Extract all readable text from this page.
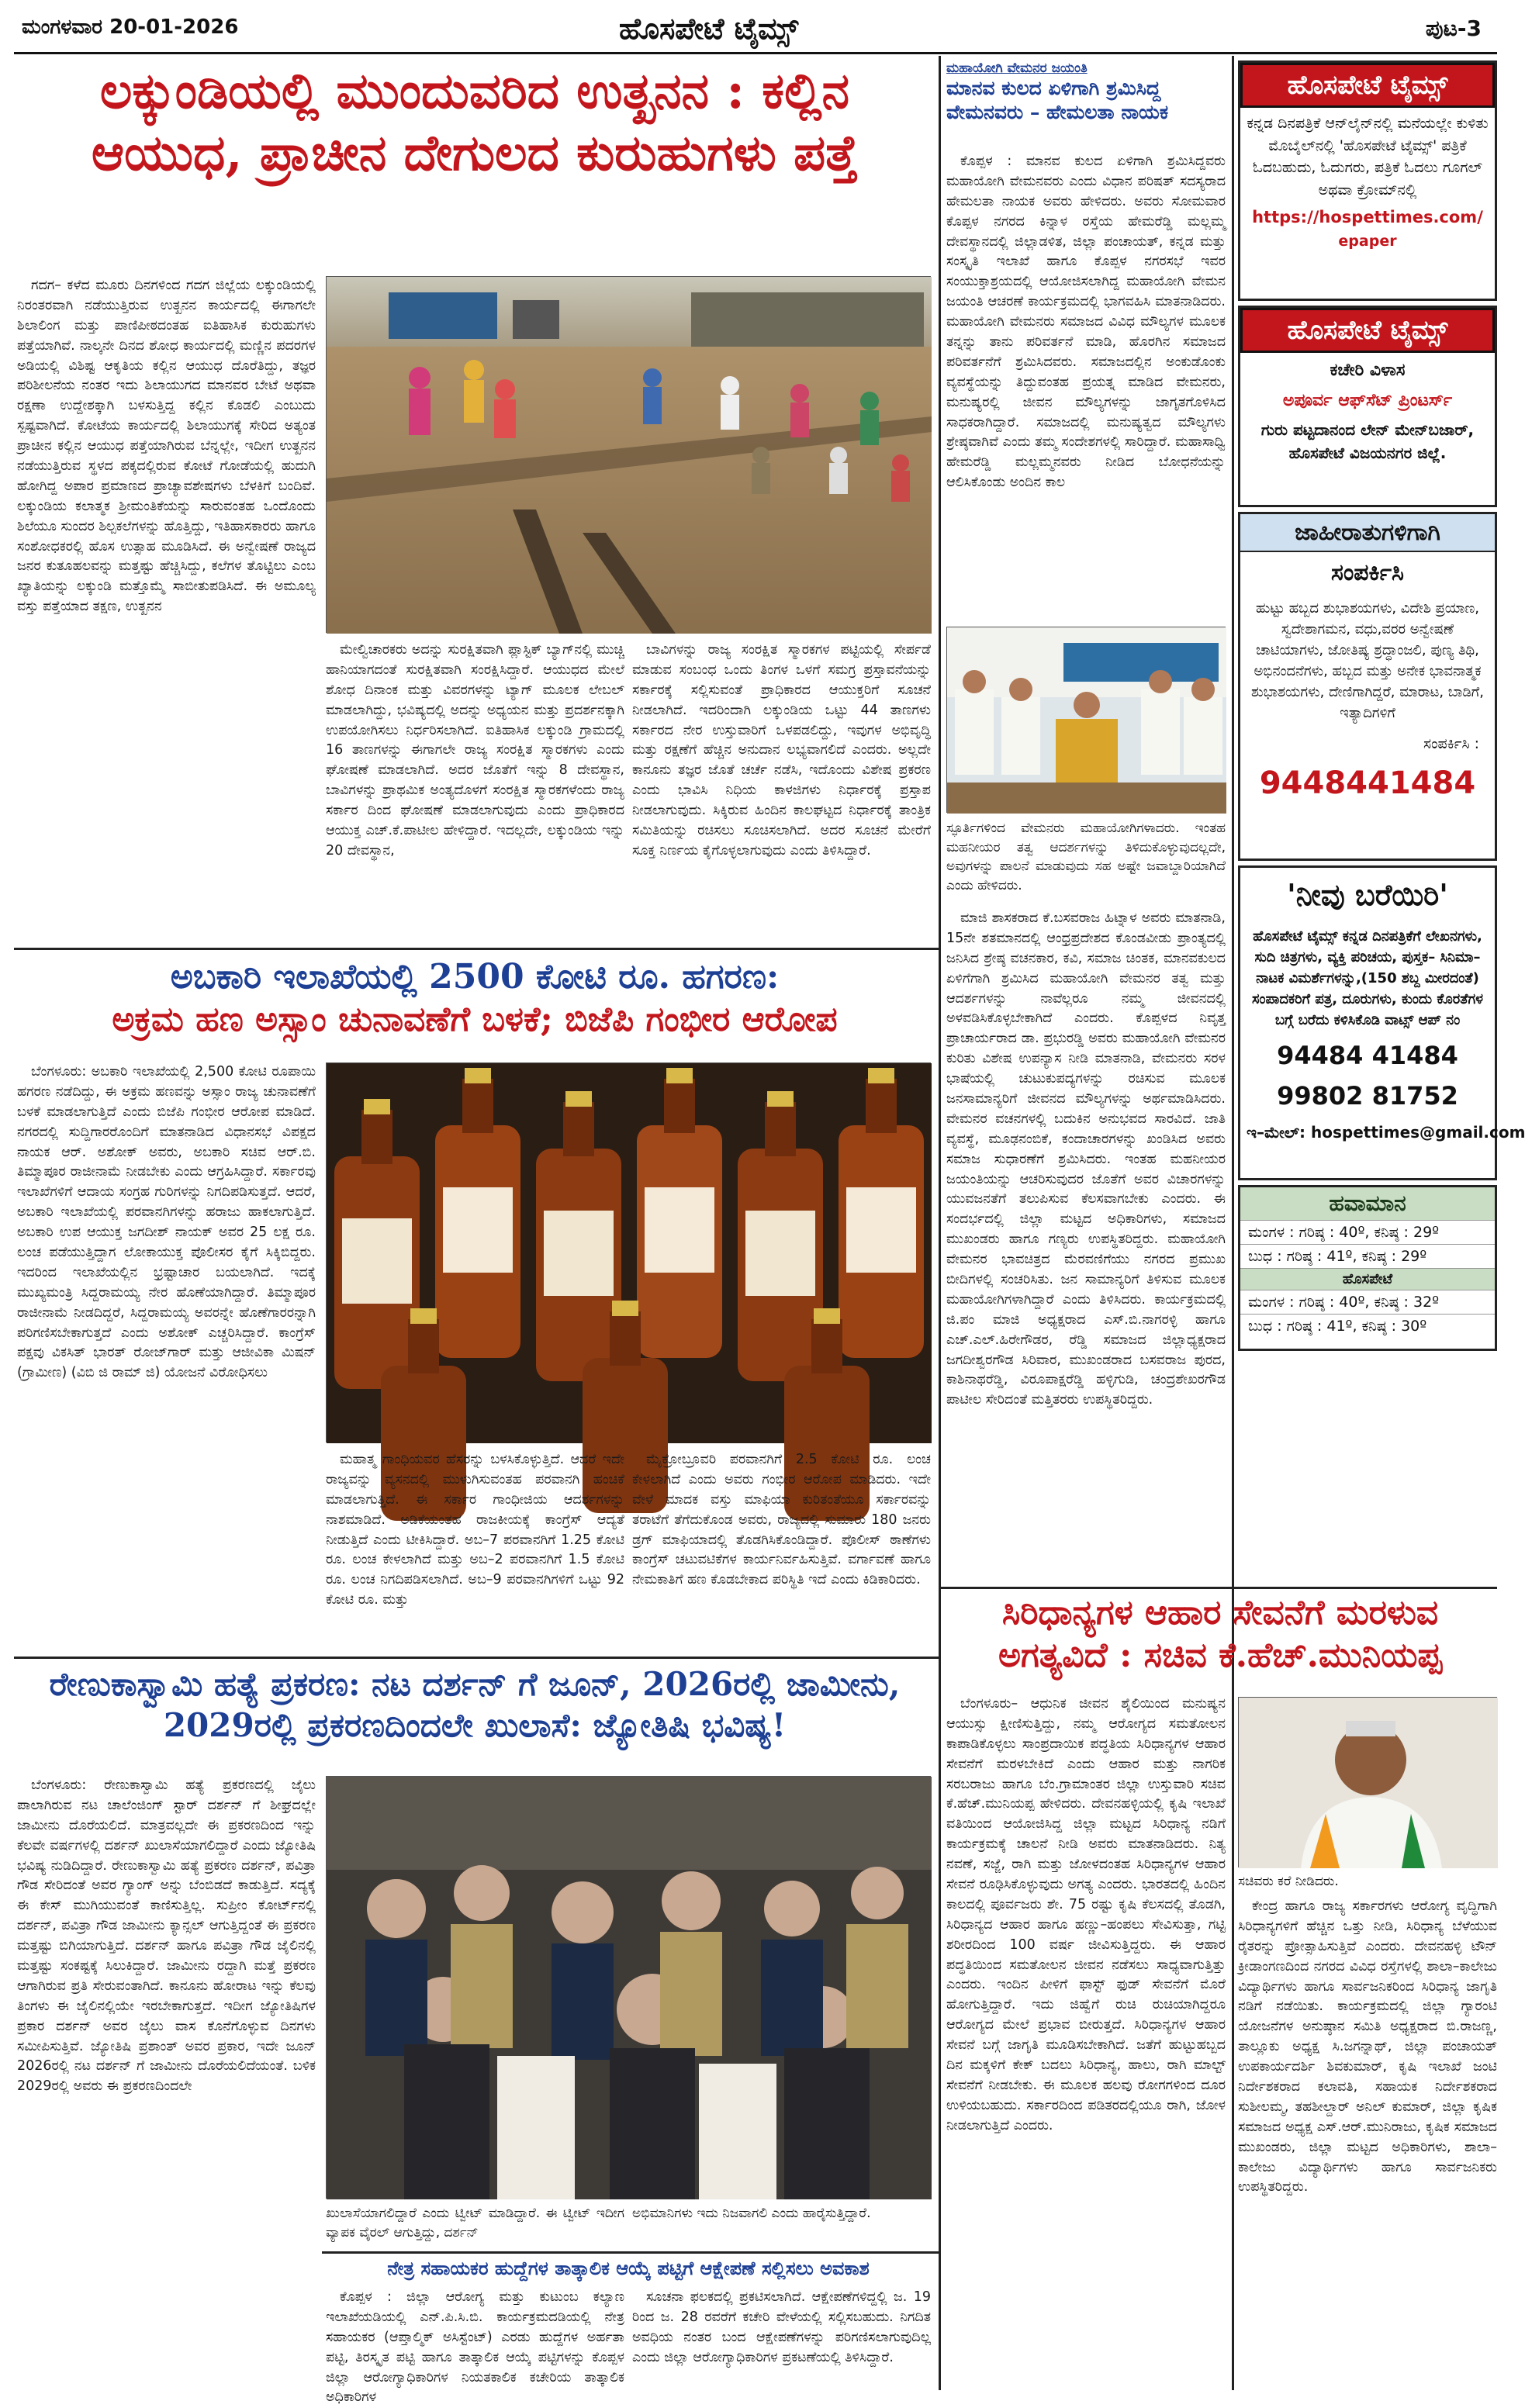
ಮಂಗಳವಾರ 20-01-2026	ಹೊಸಪೇಟೆ ಟೈಮ್ಸ್	ಪುಟ-3
ಲಕ್ಕುಂಡಿಯಲ್ಲಿ ಮುಂದುವರಿದ ಉತ್ಖನನ : ಕಲ್ಲಿನ
ಆಯುಧ, ಪ್ರಾಚೀನ ದೇಗುಲದ ಕುರುಹುಗಳು ಪತ್ತೆ

ಗದಗ– ಕಳೆದ ಮೂರು ದಿನಗಳಿಂದ ಗದಗ ಜಿಲ್ಲೆಯ ಲಕ್ಕುಂಡಿಯಲ್ಲಿ ನಿರಂತರವಾಗಿ ನಡೆಯುತ್ತಿರುವ ಉತ್ಖನನ ಕಾರ್ಯದಲ್ಲಿ ಈಗಾಗಲೇ ಶಿಲಾಲಿಂಗ ಮತ್ತು ಪಾಣಿಪೀಠದಂತಹ ಐತಿಹಾಸಿಕ ಕುರುಹುಗಳು ಪತ್ತೆಯಾಗಿವೆ. ನಾಲ್ಕನೇ ದಿನದ ಶೋಧ ಕಾರ್ಯದಲ್ಲಿ ಮಣ್ಣಿನ ಪದರಗಳ ಅಡಿಯಲ್ಲಿ ವಿಶಿಷ್ಟ ಆಕೃತಿಯ ಕಲ್ಲಿನ ಆಯುಧ ದೊರೆತಿದ್ದು, ತಜ್ಞರ ಪರಿಶೀಲನೆಯ ನಂತರ ಇದು ಶಿಲಾಯುಗದ ಮಾನವರ ಬೇಟೆ ಅಥವಾ ರಕ್ಷಣಾ ಉದ್ದೇಶಕ್ಕಾಗಿ ಬಳಸುತ್ತಿದ್ದ ಕಲ್ಲಿನ ಕೊಡಲಿ ಎಂಬುದು ಸ್ಪಷ್ಟವಾಗಿದೆ. ಕೋಟೆಯ ಕಾರ್ಯದಲ್ಲಿ ಶಿಲಾಯುಗಕ್ಕೆ ಸೇರಿದ ಅತ್ಯಂತ ಪ್ರಾಚೀನ ಕಲ್ಲಿನ ಆಯುಧ ಪತ್ತೆಯಾಗಿರುವ ಬೆನ್ನಲ್ಲೇ, ಇದೀಗ ಉತ್ಖನನ ನಡೆಯುತ್ತಿರುವ ಸ್ಥಳದ ಪಕ್ಕದಲ್ಲಿರುವ ಕೋಟೆ ಗೋಡೆಯಲ್ಲಿ ಹುದುಗಿ ಹೋಗಿದ್ದ ಅಪಾರ ಪ್ರಮಾಣದ ಪ್ರಾಚ್ಯಾವಶೇಷಗಳು ಬೆಳಕಿಗೆ ಬಂದಿವೆ. ಲಕ್ಕುಂಡಿಯ ಕಲಾತ್ಮಕ ಶ್ರೀಮಂತಿಕೆಯನ್ನು ಸಾರುವಂತಹ ಒಂದೊಂದು ಶಿಲೆಯೂ ಸುಂದರ ಶಿಲ್ಪಕಲೆಗಳನ್ನು ಹೊತ್ತಿದ್ದು, ಇತಿಹಾಸಕಾರರು ಹಾಗೂ ಸಂಶೋಧಕರಲ್ಲಿ ಹೊಸ ಉತ್ಸಾಹ ಮೂಡಿಸಿದೆ. ಈ ಅನ್ವೇಷಣೆ ರಾಜ್ಯದ ಜನರ ಕುತೂಹಲವನ್ನು ಮತ್ತಷ್ಟು ಹೆಚ್ಚಿಸಿದ್ದು, ಕಲೆಗಳ ತೊಟ್ಟಿಲು ಎಂಬ ಖ್ಯಾತಿಯನ್ನು ಲಕ್ಕುಂಡಿ ಮತ್ತೊಮ್ಮೆ ಸಾಬೀತುಪಡಿಸಿದೆ. ಈ ಅಮೂಲ್ಯ ವಸ್ತು ಪತ್ತೆಯಾದ ತಕ್ಷಣ, ಉತ್ಖನನ

ಮೇಲ್ವಿಚಾರಕರು ಅದನ್ನು ಸುರಕ್ಷಿತವಾಗಿ ಪ್ಲಾಸ್ಟಿಕ್ ಬ್ಯಾಗ್‌ನಲ್ಲಿ ಮುಚ್ಚಿ ಹಾನಿಯಾಗದಂತೆ ಸುರಕ್ಷಿತವಾಗಿ ಸಂರಕ್ಷಿಸಿದ್ದಾರೆ. ಆಯುಧದ ಮೇಲೆ ಶೋಧ ದಿನಾಂಕ ಮತ್ತು ವಿವರಗಳನ್ನು ಟ್ಯಾಗ್ ಮೂಲಕ ಲೇಬಲ್ ಮಾಡಲಾಗಿದ್ದು, ಭವಿಷ್ಯದಲ್ಲಿ ಅದನ್ನು ಅಧ್ಯಯನ ಮತ್ತು ಪ್ರದರ್ಶನಕ್ಕಾಗಿ ಉಪಯೋಗಿಸಲು ನಿರ್ಧರಿಸಲಾಗಿದೆ. ಐತಿಹಾಸಿಕ ಲಕ್ಕುಂಡಿ ಗ್ರಾಮದಲ್ಲಿ 16 ತಾಣಗಳನ್ನು ಈಗಾಗಲೇ ರಾಜ್ಯ ಸಂರಕ್ಷಿತ ಸ್ಮಾರಕಗಳು ಎಂದು ಘೋಷಣೆ ಮಾಡಲಾಗಿದೆ. ಅದರ ಜೊತೆಗೆ ಇನ್ನು 8 ದೇವಸ್ಥಾನ, ಬಾವಿಗಳನ್ನು ಪ್ರಾಥಮಿಕ ಅಂತ್ಯದೊಳಗೆ ಸಂರಕ್ಷಿತ ಸ್ಮಾರಕಗಳೆಂದು ರಾಜ್ಯ ಸರ್ಕಾರ ದಿಂದ ಘೋಷಣೆ ಮಾಡಲಾಗುವುದು ಎಂದು ಪ್ರಾಧಿಕಾರದ ಆಯುಕ್ತ ಎಚ್.ಕೆ.ಪಾಟೀಲ ಹೇಳಿದ್ದಾರೆ. ಇದಲ್ಲದೇ, ಲಕ್ಕುಂಡಿಯ ಇನ್ನು 20 ದೇವಸ್ಥಾನ,

ಬಾವಿಗಳನ್ನು ರಾಜ್ಯ ಸಂರಕ್ಷಿತ ಸ್ಮಾರಕಗಳ ಪಟ್ಟಿಯಲ್ಲಿ ಸೇರ್ಪಡೆ ಮಾಡುವ ಸಂಬಂಧ ಒಂದು ತಿಂಗಳ ಒಳಗೆ ಸಮಗ್ರ ಪ್ರಸ್ತಾವನೆಯನ್ನು ಸರ್ಕಾರಕ್ಕೆ ಸಲ್ಲಿಸುವಂತೆ ಪ್ರಾಧಿಕಾರದ ಆಯುಕ್ತರಿಗೆ ಸೂಚನೆ ನೀಡಲಾಗಿದೆ. ಇದರಿಂದಾಗಿ ಲಕ್ಕುಂಡಿಯ ಒಟ್ಟು 44 ತಾಣಗಳು ಸರ್ಕಾರದ ನೇರ ಉಸ್ತುವಾರಿಗೆ ಒಳಪಡಲಿದ್ದು, ಇವುಗಳ ಅಭಿವೃದ್ಧಿ ಮತ್ತು ರಕ್ಷಣೆಗೆ ಹೆಚ್ಚಿನ ಅನುದಾನ ಲಭ್ಯವಾಗಲಿದೆ ಎಂದರು. ಅಲ್ಲದೇ ಕಾನೂನು ತಜ್ಞರ ಜೊತೆ ಚರ್ಚೆ ನಡೆಸಿ, ಇದೊಂದು ವಿಶೇಷ ಪ್ರಕರಣ ಎಂದು ಭಾವಿಸಿ ನಿಧಿಯ ಕಾಳಜಿಗಳು ನಿರ್ಧಾರಕ್ಕೆ ಪ್ರಸ್ತಾಪ ನೀಡಲಾಗುವುದು. ಸಿಕ್ಕಿರುವ ಹಿಂದಿನ ಕಾಲಘಟ್ಟದ ನಿರ್ಧಾರಕ್ಕೆ ತಾಂತ್ರಿಕ ಸಮಿತಿಯನ್ನು ರಚಿಸಲು ಸೂಚಿಸಲಾಗಿದೆ. ಅದರ ಸೂಚನೆ ಮೇರೆಗೆ ಸೂಕ್ತ ನಿರ್ಣಯ ಕೈಗೊಳ್ಳಲಾಗುವುದು ಎಂದು ತಿಳಿಸಿದ್ದಾರೆ.

ಅಬಕಾರಿ ಇಲಾಖೆಯಲ್ಲಿ 2500 ಕೋಟಿ ರೂ. ಹಗರಣ:
ಅಕ್ರಮ ಹಣ ಅಸ್ಸಾಂ ಚುನಾವಣೆಗೆ ಬಳಕೆ; ಬಿಜೆಪಿ ಗಂಭೀರ ಆರೋಪ

ಬೆಂಗಳೂರು: ಅಬಕಾರಿ ಇಲಾಖೆಯಲ್ಲಿ 2,500 ಕೋಟಿ ರೂಪಾಯಿ ಹಗರಣ ನಡೆದಿದ್ದು, ಈ ಅಕ್ರಮ ಹಣವನ್ನು ಅಸ್ಸಾಂ ರಾಜ್ಯ ಚುನಾವಣೆಗೆ ಬಳಕೆ ಮಾಡಲಾಗುತ್ತಿದೆ ಎಂದು ಬಿಜೆಪಿ ಗಂಭೀರ ಆರೋಪ ಮಾಡಿದೆ. ನಗರದಲ್ಲಿ ಸುದ್ದಿಗಾರರೊಂದಿಗೆ ಮಾತನಾಡಿದ ವಿಧಾನಸಭೆ ವಿಪಕ್ಷದ ನಾಯಕ ಆರ್. ಅಶೋಕ್ ಅವರು, ಅಬಕಾರಿ ಸಚಿವ ಆರ್.ಬಿ. ತಿಮ್ಮಾಪೂರ ರಾಜೀನಾಮೆ ನೀಡಬೇಕು ಎಂದು ಆಗ್ರಹಿಸಿದ್ದಾರೆ. ಸರ್ಕಾರವು ಇಲಾಖೆಗಳಿಗೆ ಆದಾಯ ಸಂಗ್ರಹ ಗುರಿಗಳನ್ನು ನಿಗದಿಪಡಿಸುತ್ತದೆ. ಆದರೆ, ಅಬಕಾರಿ ಇಲಾಖೆಯಲ್ಲಿ ಪರವಾನಗಿಗಳನ್ನು ಹರಾಜು ಹಾಕಲಾಗುತ್ತಿದೆ. ಅಬಕಾರಿ ಉಪ ಆಯುಕ್ತ ಜಗದೀಶ್ ನಾಯಕ್ ಅವರ 25 ಲಕ್ಷ ರೂ. ಲಂಚ ಪಡೆಯುತ್ತಿದ್ದಾಗ ಲೋಕಾಯುಕ್ತ ಪೊಲೀಸರ ಕೈಗೆ ಸಿಕ್ಕಿಬಿದ್ದರು. ಇದರಿಂದ ಇಲಾಖೆಯಲ್ಲಿನ ಭ್ರಷ್ಟಾಚಾರ ಬಯಲಾಗಿದೆ. ಇದಕ್ಕೆ ಮುಖ್ಯಮಂತ್ರಿ ಸಿದ್ದರಾಮಯ್ಯ ನೇರ ಹೊಣೆಯಾಗಿದ್ದಾರೆ. ತಿಮ್ಮಾಪೂರ ರಾಜೀನಾಮೆ ನೀಡದಿದ್ದರೆ, ಸಿದ್ದರಾಮಯ್ಯ ಅವರನ್ನೇ ಹೊಣೆಗಾರರನ್ನಾಗಿ ಪರಿಗಣಿಸಬೇಕಾಗುತ್ತದೆ ಎಂದು ಅಶೋಕ್ ಎಚ್ಚರಿಸಿದ್ದಾರೆ. ಕಾಂಗ್ರೆಸ್ ಪಕ್ಷವು ವಿಕಸಿತ್ ಭಾರತ್ ರೋಜ್‌ಗಾರ್ ಮತ್ತು ಆಜೀವಿಕಾ ಮಿಷನ್ (ಗ್ರಾಮೀಣ) (ವಿಬಿ ಜಿ ರಾಮ್ ಜಿ) ಯೋಜನೆ ವಿರೋಧಿಸಲು

ಮಹಾತ್ಮ ಗಾಂಧಿಯವರ ಹೆಸರನ್ನು ಬಳಸಿಕೊಳ್ಳುತ್ತಿದೆ. ಆದರೆ ಇದೇ ರಾಜ್ಯವನ್ನು ವ್ಯಸನದಲ್ಲಿ ಮುಳುಗಿಸುವಂತಹ ಪರವಾನಗಿ ಹಂಚಿಕೆ ಮಾಡಲಾಗುತ್ತಿದೆ. ಈ ಸರ್ಕಾರ ಗಾಂಧೀಜಿಯ ಆದರ್ಶಗಳನ್ನು ನಾಶಮಾಡಿದೆ. ಅಡಿಕೆಯಂತಹ ರಾಜಕೀಯಕ್ಕೆ ಕಾಂಗ್ರೆಸ್ ಆದ್ಯತೆ ನೀಡುತ್ತಿದೆ ಎಂದು ಟೀಕಿಸಿದ್ದಾರೆ. ಅಬ–7 ಪರವಾನಗಿಗೆ 1.25 ಕೋಟಿ ರೂ. ಲಂಚ ಕೇಳಲಾಗಿದೆ ಮತ್ತು ಅಬ–2 ಪರವಾನಗಿಗೆ 1.5 ಕೋಟಿ ರೂ. ಲಂಚ ನಿಗದಿಪಡಿಸಲಾಗಿದೆ. ಅಬ–9 ಪರವಾನಗಿಗಳಿಗೆ ಒಟ್ಟು 92 ಕೋಟಿ ರೂ. ಮತ್ತು

ಮೈಕ್ರೋಬ್ರೂವರಿ ಪರವಾನಗಿಗೆ 2.5 ಕೋಟಿ ರೂ. ಲಂಚ ಕೇಳಲಾಗಿದೆ ಎಂದು ಅವರು ಗಂಭೀರ ಆರೋಪ ಮಾಡಿದರು. ಇದೇ ವೇಳೆ ಮಾದಕ ವಸ್ತು ಮಾಫಿಯಾ ಕುರಿತಂತೆಯೂ ಸರ್ಕಾರವನ್ನು ತರಾಟೆಗೆ ತೆಗೆದುಕೊಂಡ ಅವರು, ರಾಜ್ಯದಲ್ಲಿ ಸುಮಾರು 180 ಜನರು ಡ್ರಗ್ ಮಾಫಿಯಾದಲ್ಲಿ ತೊಡಗಿಸಿಕೊಂಡಿದ್ದಾರೆ. ಪೊಲೀಸ್ ಠಾಣೆಗಳು ಕಾಂಗ್ರೆಸ್ ಚಟುವಟಿಕೆಗಳ ಕಾರ್ಯನಿರ್ವಹಿಸುತ್ತಿವೆ. ವರ್ಗಾವಣೆ ಹಾಗೂ ನೇಮಕಾತಿಗೆ ಹಣ ಕೊಡಬೇಕಾದ ಪರಿಸ್ಥಿತಿ ಇದೆ ಎಂದು ಕಿಡಿಕಾರಿದರು.

ರೇಣುಕಾಸ್ವಾಮಿ ಹತ್ಯೆ ಪ್ರಕರಣ: ನಟ ದರ್ಶನ್ ಗೆ ಜೂನ್, 2026ರಲ್ಲಿ ಜಾಮೀನು,
2029ರಲ್ಲಿ ಪ್ರಕರಣದಿಂದಲೇ ಖುಲಾಸೆ: ಜ್ಯೋತಿಷಿ ಭವಿಷ್ಯ!

ಬೆಂಗಳೂರು: ರೇಣುಕಾಸ್ವಾಮಿ ಹತ್ಯೆ ಪ್ರಕರಣದಲ್ಲಿ ಜೈಲು ಪಾಲಾಗಿರುವ ನಟ ಚಾಲೆಂಜಿಂಗ್ ಸ್ಟಾರ್ ದರ್ಶನ್ ಗೆ ಶೀಘ್ರದಲ್ಲೇ ಜಾಮೀನು ದೊರೆಯಲಿದೆ. ಮಾತ್ರವಲ್ಲದೇ ಈ ಪ್ರಕರಣದಿಂದ ಇನ್ನು ಕೆಲವೇ ವರ್ಷಗಳಲ್ಲಿ ದರ್ಶನ್ ಖುಲಾಸೆಯಾಗಲಿದ್ದಾರೆ ಎಂದು ಜ್ಯೋತಿಷಿ ಭವಿಷ್ಯ ನುಡಿದಿದ್ದಾರೆ. ರೇಣುಕಾಸ್ವಾಮಿ ಹತ್ಯೆ ಪ್ರಕರಣ ದರ್ಶನ್, ಪವಿತ್ರಾ ಗೌಡ ಸೇರಿದಂತೆ ಅವರ ಗ್ಯಾಂಗ್ ಅನ್ನು ಬೆಂಬಿಡದೆ ಕಾಡುತ್ತಿದೆ. ಸದ್ಯಕ್ಕೆ ಈ ಕೇಸ್ ಮುಗಿಯುವಂತೆ ಕಾಣಿಸುತ್ತಿಲ್ಲ. ಸುಪ್ರೀಂ ಕೋರ್ಟ್‌ನಲ್ಲಿ ದರ್ಶನ್, ಪವಿತ್ರಾ ಗೌಡ ಜಾಮೀನು ಕ್ಯಾನ್ಸಲ್ ಆಗುತ್ತಿದ್ದಂತೆ ಈ ಪ್ರಕರಣ ಮತ್ತಷ್ಟು ಬಿಗಿಯಾಗುತ್ತಿದೆ. ದರ್ಶನ್ ಹಾಗೂ ಪವಿತ್ರಾ ಗೌಡ ಜೈಲಿನಲ್ಲಿ ಮತ್ತಷ್ಟು ಸಂಕಷ್ಟಕ್ಕೆ ಸಿಲುಕಿದ್ದಾರೆ. ಜಾಮೀನು ರದ್ದಾಗಿ ಮತ್ತೆ ಪ್ರಕರಣ ಆಗಾಗಿರುವ ಪ್ರತಿ ಸೇರುವಂತಾಗಿದೆ. ಕಾನೂನು ಹೋರಾಟ ಇನ್ನು ಕೆಲವು ತಿಂಗಳು ಈ ಜೈಲಿನಲ್ಲಿಯೇ ಇರಬೇಕಾಗುತ್ತದೆ. ಇದೀಗ ಜ್ಯೋತಿಷಿಗಳ ಪ್ರಕಾರ ದರ್ಶನ್ ಅವರ ಜೈಲು ವಾಸ ಕೊನೆಗೊಳ್ಳುವ ದಿನಗಳು ಸಮೀಪಿಸುತ್ತಿವೆ. ಜ್ಯೋತಿಷಿ ಪ್ರಶಾಂತ್ ಅವರ ಪ್ರಕಾರ, ಇದೇ ಜೂನ್ 2026ರಲ್ಲಿ ನಟ ದರ್ಶನ್ ಗೆ ಜಾಮೀನು ದೊರೆಯಲಿದೆಯಂತೆ. ಬಳಿಕ 2029ರಲ್ಲಿ ಅವರು ಈ ಪ್ರಕರಣದಿಂದಲೇ

ಖುಲಾಸೆಯಾಗಲಿದ್ದಾರೆ ಎಂದು ಟ್ವೀಟ್ ಮಾಡಿದ್ದಾರೆ. ಈ ಟ್ವೀಟ್ ಇದೀಗ ವ್ಯಾಪಕ ವೈರಲ್ ಆಗುತ್ತಿದ್ದು, ದರ್ಶನ್
ಅಭಿಮಾನಿಗಳು ಇದು ನಿಜವಾಗಲಿ ಎಂದು ಹಾರೈಸುತ್ತಿದ್ದಾರೆ.
ನೇತ್ರ ಸಹಾಯಕರ ಹುದ್ದೆಗಳ ತಾತ್ಕಾಲಿಕ ಆಯ್ಕೆ ಪಟ್ಟಿಗೆ ಆಕ್ಷೇಪಣೆ ಸಲ್ಲಿಸಲು ಅವಕಾಶ

ಕೊಪ್ಪಳ : ಜಿಲ್ಲಾ ಆರೋಗ್ಯ ಮತ್ತು ಕುಟುಂಬ ಕಲ್ಯಾಣ ಇಲಾಖೆಯಡಿಯಲ್ಲಿ ಎನ್.ಪಿ.ಸಿ.ಬಿ. ಕಾರ್ಯಕ್ರಮದಡಿಯಲ್ಲಿ ನೇತ್ರ ಸಹಾಯಕರ (ಆಪ್ತಾಲ್ಮಿಕ್ ಅಸಿಸ್ಟೆಂಟ್) ಎರಡು ಹುದ್ದೆಗಳ ಅರ್ಹತಾ ಪಟ್ಟಿ, ತಿರಸ್ಕೃತ ಪಟ್ಟಿ ಹಾಗೂ ತಾತ್ಕಾಲಿಕ ಆಯ್ಕೆ ಪಟ್ಟಿಗಳನ್ನು ಕೊಪ್ಪಳ ಜಿಲ್ಲಾ ಆರೋಗ್ಯಾಧಿಕಾರಿಗಳ ನಿಯತಕಾಲಿಕ ಕಚೇರಿಯ ತಾತ್ಕಾಲಿಕ ಅಧಿಕಾರಿಗಳ

ಸೂಚನಾ ಫಲಕದಲ್ಲಿ ಪ್ರಕಟಿಸಲಾಗಿದೆ. ಆಕ್ಷೇಪಣೆಗಳಿದ್ದಲ್ಲಿ ಜ. 19 ರಿಂದ ಜ. 28 ರವರೆಗೆ ಕಚೇರಿ ವೇಳೆಯಲ್ಲಿ ಸಲ್ಲಿಸಬಹುದು. ನಿಗದಿತ ಅವಧಿಯ ನಂತರ ಬಂದ ಆಕ್ಷೇಪಣೆಗಳನ್ನು ಪರಿಗಣಿಸಲಾಗುವುದಿಲ್ಲ ಎಂದು ಜಿಲ್ಲಾ ಆರೋಗ್ಯಾಧಿಕಾರಿಗಳ ಪ್ರಕಟಣೆಯಲ್ಲಿ ತಿಳಿಸಿದ್ದಾರೆ.

ಮಹಾಯೋಗಿ ವೇಮನರ ಜಯಂತಿ
ಮಾನವ ಕುಲದ ಏಳಿಗಾಗಿ ಶ್ರಮಿಸಿದ್ದ
ವೇಮನವರು – ಹೇಮಲತಾ ನಾಯಕ

ಕೊಪ್ಪಳ : ಮಾನವ ಕುಲದ ಏಳಿಗಾಗಿ ಶ್ರಮಿಸಿದ್ದವರು ಮಹಾಯೋಗಿ ವೇಮನವರು ಎಂದು ವಿಧಾನ ಪರಿಷತ್ ಸದಸ್ಯರಾದ ಹೇಮಲತಾ ನಾಯಕ ಅವರು ಹೇಳಿದರು. ಅವರು ಸೋಮವಾರ ಕೊಪ್ಪಳ ನಗರದ ಕಿನ್ನಾಳ ರಸ್ತೆಯ ಹೇಮರೆಡ್ಡಿ ಮಲ್ಲಮ್ಮ ದೇವಸ್ಥಾನದಲ್ಲಿ ಜಿಲ್ಲಾಡಳಿತ, ಜಿಲ್ಲಾ ಪಂಚಾಯತ್, ಕನ್ನಡ ಮತ್ತು ಸಂಸ್ಕೃತಿ ಇಲಾಖೆ ಹಾಗೂ ಕೊಪ್ಪಳ ನಗರಸಭೆ ಇವರ ಸಂಯುಕ್ತಾಶ್ರಯದಲ್ಲಿ ಆಯೋಜಿಸಲಾಗಿದ್ದ ಮಹಾಯೋಗಿ ವೇಮನ ಜಯಂತಿ ಆಚರಣೆ ಕಾರ್ಯಕ್ರಮದಲ್ಲಿ ಭಾಗವಹಿಸಿ ಮಾತನಾಡಿದರು. ಮಹಾಯೋಗಿ ವೇಮನರು ಸಮಾಜದ ವಿವಿಧ ಮೌಲ್ಯಗಳ ಮೂಲಕ ತನ್ನನ್ನು ತಾನು ಪರಿವರ್ತನೆ ಮಾಡಿ, ಹೊರಗಿನ ಸಮಾಜದ ಪರಿವರ್ತನೆಗೆ ಶ್ರಮಿಸಿದವರು. ಸಮಾಜದಲ್ಲಿನ ಅಂಕುಡೊಂಕು ವ್ಯವಸ್ಥೆಯನ್ನು ತಿದ್ದುವಂತಹ ಪ್ರಯತ್ನ ಮಾಡಿದ ವೇಮನರು, ಮನುಷ್ಯರಲ್ಲಿ ಜೀವನ ಮೌಲ್ಯಗಳನ್ನು ಜಾಗೃತಗೊಳಿಸಿದ ಸಾಧಕರಾಗಿದ್ದಾರೆ. ಸಮಾಜದಲ್ಲಿ ಮನುಷ್ಯತ್ವದ ಮೌಲ್ಯಗಳು ಶ್ರೇಷ್ಠವಾಗಿವೆ ಎಂದು ತಮ್ಮ ಸಂದೇಶಗಳಲ್ಲಿ ಸಾರಿದ್ದಾರೆ. ಮಹಾಸಾಧ್ವಿ ಹೇಮರೆಡ್ಡಿ ಮಲ್ಲಮ್ಮನವರು ನೀಡಿದ ಬೋಧನೆಯನ್ನು ಆಲಿಸಿಕೊಂಡು ಅಂದಿನ ಕಾಲ

ಸ್ಫೂರ್ತಿಗಳಿಂದ ವೇಮನರು ಮಹಾಯೋಗಿಗಳಾದರು. ಇಂತಹ ಮಹನೀಯರ ತತ್ವ ಆದರ್ಶಗಳನ್ನು ತಿಳಿದುಕೊಳ್ಳುವುದಲ್ಲದೇ, ಅವುಗಳನ್ನು ಪಾಲನೆ ಮಾಡುವುದು ಸಹ ಅಷ್ಟೇ ಜವಾಬ್ದಾರಿಯಾಗಿದೆ ಎಂದು ಹೇಳಿದರು.

ಮಾಜಿ ಶಾಸಕರಾದ ಕೆ.ಬಸವರಾಜ ಹಿಟ್ನಾಳ ಅವರು ಮಾತನಾಡಿ, 15ನೇ ಶತಮಾನದಲ್ಲಿ ಆಂಧ್ರಪ್ರದೇಶದ ಕೊಂಡವೀಡು ಪ್ರಾಂತ್ಯದಲ್ಲಿ ಜನಿಸಿದ ಶ್ರೇಷ್ಠ ವಚನಕಾರ, ಕವಿ, ಸಮಾಜ ಚಿಂತಕ, ಮಾನವಕುಲದ ಏಳಿಗೆಗಾಗಿ ಶ್ರಮಿಸಿದ ಮಹಾಯೋಗಿ ವೇಮನರ ತತ್ವ ಮತ್ತು ಆದರ್ಶಗಳನ್ನು ನಾವೆಲ್ಲರೂ ನಮ್ಮ ಜೀವನದಲ್ಲಿ ಅಳವಡಿಸಿಕೊಳ್ಳಬೇಕಾಗಿದೆ ಎಂದರು. ಕೊಪ್ಪಳದ ನಿವೃತ್ತ ಪ್ರಾಚಾರ್ಯರಾದ ಡಾ. ಪ್ರಭುರಡ್ಡಿ ಅವರು ಮಹಾಯೋಗಿ ವೇಮನರ ಕುರಿತು ವಿಶೇಷ ಉಪನ್ಯಾಸ ನೀಡಿ ಮಾತನಾಡಿ, ವೇಮನರು ಸರಳ ಭಾಷೆಯಲ್ಲಿ ಚುಟುಕುಪದ್ಯಗಳನ್ನು ರಚಿಸುವ ಮೂಲಕ ಜನಸಾಮಾನ್ಯರಿಗೆ ಜೀವನದ ಮೌಲ್ಯಗಳನ್ನು ಅರ್ಥಮಾಡಿಸಿದರು. ವೇಮನರ ವಚನಗಳಲ್ಲಿ ಬದುಕಿನ ಅನುಭವದ ಸಾರವಿದೆ. ಜಾತಿ ವ್ಯವಸ್ಥೆ, ಮೂಢನಂಬಿಕೆ, ಕಂದಾಚಾರಗಳನ್ನು ಖಂಡಿಸಿದ ಅವರು ಸಮಾಜ ಸುಧಾರಣೆಗೆ ಶ್ರಮಿಸಿದರು. ಇಂತಹ ಮಹನೀಯರ ಜಯಂತಿಯನ್ನು ಆಚರಿಸುವುದರ ಜೊತೆಗೆ ಅವರ ವಿಚಾರಗಳನ್ನು ಯುವಜನತೆಗೆ ತಲುಪಿಸುವ ಕೆಲಸವಾಗಬೇಕು ಎಂದರು. ಈ ಸಂದರ್ಭದಲ್ಲಿ ಜಿಲ್ಲಾ ಮಟ್ಟದ ಅಧಿಕಾರಿಗಳು, ಸಮಾಜದ ಮುಖಂಡರು ಹಾಗೂ ಗಣ್ಯರು ಉಪಸ್ಥಿತರಿದ್ದರು. ಮಹಾಯೋಗಿ ವೇಮನರ ಭಾವಚಿತ್ರದ ಮೆರವಣಿಗೆಯು ನಗರದ ಪ್ರಮುಖ ಬೀದಿಗಳಲ್ಲಿ ಸಂಚರಿಸಿತು. ಜನ ಸಾಮಾನ್ಯರಿಗೆ ತಿಳಿಸುವ ಮೂಲಕ ಮಹಾಯೋಗಿಗಳಾಗಿದ್ದಾರೆ ಎಂದು ತಿಳಿಸಿದರು. ಕಾರ್ಯಕ್ರಮದಲ್ಲಿ ಜಿ.ಪಂ ಮಾಜಿ ಅಧ್ಯಕ್ಷರಾದ ಎಸ್.ಬಿ.ನಾಗರಳ್ಳಿ ಹಾಗೂ ಎಚ್.ಎಲ್.ಹಿರೇಗೌಡರ, ರೆಡ್ಡಿ ಸಮಾಜದ ಜಿಲ್ಲಾಧ್ಯಕ್ಷರಾದ ಜಗದೀಶ್ವರಗೌಡ ಸಿರಿವಾರ, ಮುಖಂಡರಾದ ಬಸವರಾಜ ಪುರದ, ಕಾಶಿನಾಥರೆಡ್ಡಿ, ವಿರೂಪಾಕ್ಷರೆಡ್ಡಿ ಹಳ್ಳಿಗುಡಿ, ಚಂದ್ರಶೇಖರಗೌಡ ಪಾಟೀಲ ಸೇರಿದಂತೆ ಮತ್ತಿತರರು ಉಪಸ್ಥಿತರಿದ್ದರು.

ಸಿರಿಧಾನ್ಯಗಳ ಆಹಾರ ಸೇವನೆಗೆ ಮರಳುವ
ಅಗತ್ಯವಿದೆ : ಸಚಿವ ಕೆ.ಹೆಚ್.ಮುನಿಯಪ್ಪ

ಬೆಂಗಳೂರು– ಆಧುನಿಕ ಜೀವನ ಶೈಲಿಯಿಂದ ಮನುಷ್ಯನ ಆಯುಸ್ಸು ಕ್ಷೀಣಿಸುತ್ತಿದ್ದು, ನಮ್ಮ ಆರೋಗ್ಯದ ಸಮತೋಲನ ಕಾಪಾಡಿಕೊಳ್ಳಲು ಸಾಂಪ್ರದಾಯಿಕ ಪದ್ಧತಿಯ ಸಿರಿಧಾನ್ಯಗಳ ಆಹಾರ ಸೇವನೆಗೆ ಮರಳಬೇಕಿದೆ ಎಂದು ಆಹಾರ ಮತ್ತು ನಾಗರಿಕ ಸರಬರಾಜು ಹಾಗೂ ಬೆಂ.ಗ್ರಾಮಾಂತರ ಜಿಲ್ಲಾ ಉಸ್ತುವಾರಿ ಸಚಿವ ಕೆ.ಹೆಚ್.ಮುನಿಯಪ್ಪ ಹೇಳಿದರು. ದೇವನಹಳ್ಳಿಯಲ್ಲಿ ಕೃಷಿ ಇಲಾಖೆ ವತಿಯಿಂದ ಆಯೋಜಿಸಿದ್ದ ಜಿಲ್ಲಾ ಮಟ್ಟದ ಸಿರಿಧಾನ್ಯ ನಡಿಗೆ ಕಾರ್ಯಕ್ರಮಕ್ಕೆ ಚಾಲನೆ ನೀಡಿ ಅವರು ಮಾತನಾಡಿದರು. ನಿತ್ಯ ನವಣೆ, ಸಜ್ಜೆ, ರಾಗಿ ಮತ್ತು ಜೋಳದಂತಹ ಸಿರಿಧಾನ್ಯಗಳ ಆಹಾರ ಸೇವನೆ ರೂಢಿಸಿಕೊಳ್ಳುವುದು ಅಗತ್ಯ ಎಂದರು. ಭಾರತದಲ್ಲಿ ಹಿಂದಿನ ಕಾಲದಲ್ಲಿ ಪೂರ್ವಜರು ಶೇ. 75 ರಷ್ಟು ಕೃಷಿ ಕೆಲಸದಲ್ಲಿ ತೊಡಗಿ, ಸಿರಿಧಾನ್ಯದ ಆಹಾರ ಹಾಗೂ ಹಣ್ಣು–ಹಂಪಲು ಸೇವಿಸುತ್ತಾ, ಗಟ್ಟಿ ಶರೀರದಿಂದ 100 ವರ್ಷ ಜೀವಿಸುತ್ತಿದ್ದರು. ಈ ಆಹಾರ ಪದ್ಧತಿಯಿಂದ ಸಮತೋಲನ ಜೀವನ ನಡೆಸಲು ಸಾಧ್ಯವಾಗುತ್ತಿತ್ತು ಎಂದರು. ಇಂದಿನ ಪೀಳಿಗೆ ಫಾಸ್ಟ್ ಫುಡ್ ಸೇವನೆಗೆ ಮೊರೆ ಹೋಗುತ್ತಿದ್ದಾರೆ. ಇದು ಜಿಹ್ವೆಗೆ ರುಚಿ ರುಚಿಯಾಗಿದ್ದರೂ ಆರೋಗ್ಯದ ಮೇಲೆ ಪ್ರಭಾವ ಬೀರುತ್ತದೆ. ಸಿರಿಧಾನ್ಯಗಳ ಆಹಾರ ಸೇವನೆ ಬಗ್ಗೆ ಜಾಗೃತಿ ಮೂಡಿಸಬೇಕಾಗಿದೆ. ಜತೆಗೆ ಹುಟ್ಟುಹಬ್ಬದ ದಿನ ಮಕ್ಕಳಿಗೆ ಕೇಕ್ ಬದಲು ಸಿರಿಧಾನ್ಯ, ಹಾಲು, ರಾಗಿ ಮಾಲ್ಟ್ ಸೇವನೆಗೆ ನೀಡಬೇಕು. ಈ ಮೂಲಕ ಹಲವು ರೋಗಗಳಿಂದ ದೂರ ಉಳಿಯಬಹುದು. ಸರ್ಕಾರದಿಂದ ಪಡಿತರದಲ್ಲಿಯೂ ರಾಗಿ, ಜೋಳ ನೀಡಲಾಗುತ್ತಿದೆ ಎಂದರು.

ಸಚಿವರು ಕರೆ ನೀಡಿದರು.

ಕೇಂದ್ರ ಹಾಗೂ ರಾಜ್ಯ ಸರ್ಕಾರಗಳು ಆರೋಗ್ಯ ವೃದ್ಧಿಗಾಗಿ ಸಿರಿಧಾನ್ಯಗಳಿಗೆ ಹೆಚ್ಚಿನ ಒತ್ತು ನೀಡಿ, ಸಿರಿಧಾನ್ಯ ಬೆಳೆಯುವ ರೈತರನ್ನು ಪ್ರೋತ್ಸಾಹಿಸುತ್ತಿವೆ ಎಂದರು. ದೇವನಹಳ್ಳಿ ಟೌನ್ ಕ್ರೀಡಾಂಗಣದಿಂದ ನಗರದ ವಿವಿಧ ರಸ್ತೆಗಳಲ್ಲಿ ಶಾಲಾ–ಕಾಲೇಜು ವಿದ್ಯಾರ್ಥಿಗಳು ಹಾಗೂ ಸಾರ್ವಜನಿಕರಿಂದ ಸಿರಿಧಾನ್ಯ ಜಾಗೃತಿ ನಡಿಗೆ ನಡೆಯಿತು. ಕಾರ್ಯಕ್ರಮದಲ್ಲಿ ಜಿಲ್ಲಾ ಗ್ಯಾರಂಟಿ ಯೋಜನೆಗಳ ಅನುಷ್ಠಾನ ಸಮಿತಿ ಅಧ್ಯಕ್ಷರಾದ ಬಿ.ರಾಜಣ್ಣ, ತಾಲ್ಲೂಕು ಅಧ್ಯಕ್ಷ ಸಿ.ಜಗನ್ನಾಥ್, ಜಿಲ್ಲಾ ಪಂಚಾಯತ್ ಉಪಕಾರ್ಯದರ್ಶಿ ಶಿವಕುಮಾರ್, ಕೃಷಿ ಇಲಾಖೆ ಜಂಟಿ ನಿರ್ದೇಶಕರಾದ ಕಲಾವತಿ, ಸಹಾಯಕ ನಿರ್ದೇಶಕರಾದ ಸುಶೀಲಮ್ಮ, ತಹಶೀಲ್ದಾರ್ ಅನಿಲ್ ಕುಮಾರ್, ಜಿಲ್ಲಾ ಕೃಷಿಕ ಸಮಾಜದ ಅಧ್ಯಕ್ಷ ಎಸ್.ಆರ್.ಮುನಿರಾಜು, ಕೃಷಿಕ ಸಮಾಜದ ಮುಖಂಡರು, ಜಿಲ್ಲಾ ಮಟ್ಟದ ಅಧಿಕಾರಿಗಳು, ಶಾಲಾ–ಕಾಲೇಜು ವಿದ್ಯಾರ್ಥಿಗಳು ಹಾಗೂ ಸಾರ್ವಜನಿಕರು ಉಪಸ್ಥಿತರಿದ್ದರು.

ಹೊಸಪೇಟೆ ಟೈಮ್ಸ್
ಕನ್ನಡ ದಿನಪತ್ರಿಕೆ ಆನ್‌ಲೈನ್‌ನಲ್ಲಿ ಮನೆಯಲ್ಲೇ ಕುಳಿತು ಮೊಬೈಲ್‌ನಲ್ಲಿ 'ಹೊಸಪೇಟೆ ಟೈಮ್ಸ್' ಪತ್ರಿಕೆ ಓದಬಹುದು, ಓದುಗರು, ಪತ್ರಿಕೆ ಓದಲು ಗೂಗಲ್ ಅಥವಾ ಕ್ರೋಮ್‌ನಲ್ಲಿ
https://hospettimes.com/
epaper
ಹೊಸಪೇಟೆ ಟೈಮ್ಸ್
ಕಚೇರಿ ವಿಳಾಸ
ಅಪೂರ್ವ ಆಫ್‌ಸೆಟ್ ಪ್ರಿಂಟರ್ಸ್
ಗುರು ಪಟ್ಟದಾನಂದ ಲೇನ್ ಮೇನ್‌ಬಜಾರ್, ಹೊಸಪೇಟೆ ವಿಜಯನಗರ ಜಿಲ್ಲೆ.
ಜಾಹೀರಾತುಗಳಿಗಾಗಿ
ಸಂಪರ್ಕಿಸಿ
ಹುಟ್ಟು ಹಬ್ಬದ ಶುಭಾಶಯಗಳು, ವಿದೇಶಿ ಪ್ರಯಾಣ, ಸ್ವದೇಶಾಗಮನ, ವಧು,ವರರ ಅನ್ವೇಷಣೆ ಚಾಟಿಯಾಗಳು, ಜೋತಿಷ್ಯ ಶ್ರದ್ಧಾಂಜಲಿ, ಪುಣ್ಯ ತಿಥಿ, ಅಭಿನಂದನೆಗಳು, ಹಬ್ಬದ ಮತ್ತು ಅನೇಕ ಭಾವನಾತ್ಮಕ ಶುಭಾಶಯಗಳು, ದೇಣಿಗಾಗಿದ್ದರೆ, ಮಾರಾಟ, ಬಾಡಿಗೆ, ಇತ್ಯಾದಿಗಳಿಗೆ
ಸಂಪರ್ಕಿಸಿ :
9448441484
'ನೀವು ಬರೆಯಿರಿ'
ಹೊಸಪೇಟೆ ಟೈಮ್ಸ್ ಕನ್ನಡ ದಿನಪತ್ರಿಕೆಗೆ ಲೇಖನಗಳು, ಸುದಿ ಚಿತ್ರಗಳು, ವ್ಯಕ್ತಿ ಪರಿಚಯ, ಪುಸ್ತಕ– ಸಿನಿಮಾ–ನಾಟಕ ವಿಮರ್ಶೆಗಳನ್ನು,(150 ಶಬ್ದ ಮೀರದಂತೆ) ಸಂಪಾದಕರಿಗೆ ಪತ್ರ, ದೂರುಗಳು, ಕುಂದು ಕೊರತೆಗಳ ಬಗ್ಗೆ ಬರೆದು ಕಳಿಸಿಕೊಡಿ ವಾಟ್ಸ್ ಆಪ್ ನಂ
94484 41484
99802 81752
ಇ–ಮೇಲ್: hospettimes@gmail.com
ಹವಾಮಾನ
ಮಂಗಳ : ಗರಿಷ್ಠ : 40º, ಕನಿಷ್ಠ : 29º
ಬುಧ : ಗರಿಷ್ಠ : 41º, ಕನಿಷ್ಠ : 29º
ಹೊಸಪೇಟೆ
ಮಂಗಳ : ಗರಿಷ್ಠ : 40º, ಕನಿಷ್ಠ : 32º
ಬುಧ : ಗರಿಷ್ಠ : 41º, ಕನಿಷ್ಠ : 30º
